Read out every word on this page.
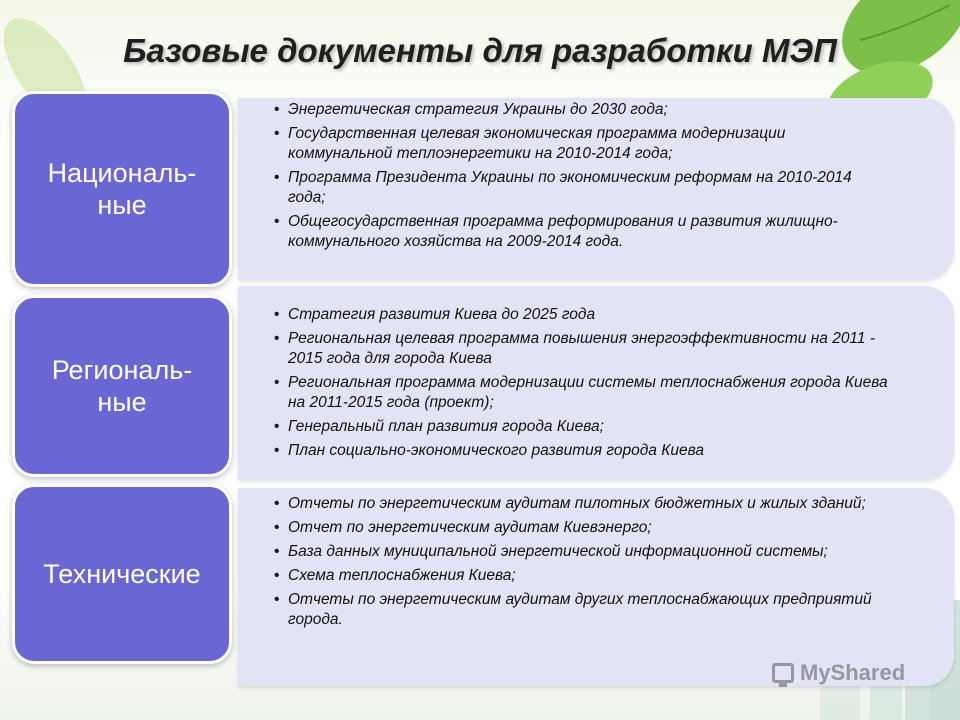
Базовые документы для разработки МЭП
Националь-
ные
• Энергетическая стратегия Украины до 2030 года;
• Государственная целевая экономическая программа модернизации коммунальной теплоэнергетики на 2010-2014 года;
• Программа Президента Украины по экономическим реформам на 2010-2014 года;
• Общегосударственная программа реформирования и развития жилищно-коммунального хозяйства на 2009-2014 года.
Региональ-
ные
• Стратегия развития Киева до 2025 года
• Региональная целевая программа повышения энергоэффективности на 2011 - 2015 года для города Киева
• Региональная программа модернизации системы теплоснабжения города Киева на 2011-2015 года (проект);
• Генеральный план развития города Киева;
• План социально-экономического развития города Киева
Технические
• Отчеты по энергетическим аудитам пилотных бюджетных и жилых зданий;
• Отчет по энергетическим аудитам Киевэнерго;
• База данных муниципальной энергетической информационной системы;
• Схема теплоснабжения Киева;
• Отчеты по энергетическим аудитам других теплоснабжающих предприятий города.
MyShared
